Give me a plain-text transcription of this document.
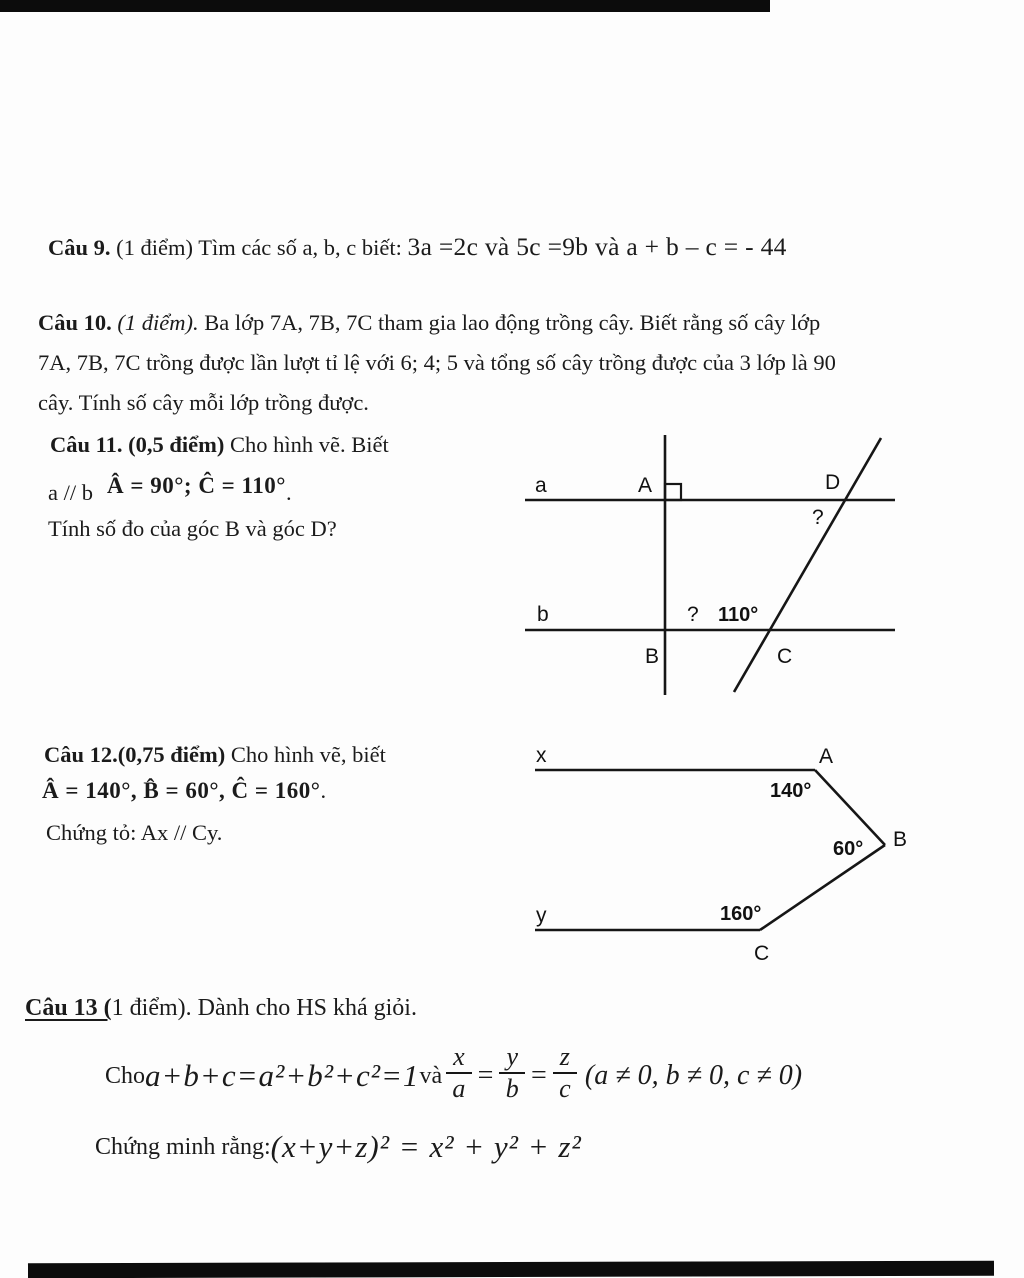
Câu 9. (1 điểm) Tìm các số a, b, c biết: 3a =2c và 5c =9b và a + b – c = - 44
Câu 10. (1 điểm). Ba lớp 7A, 7B, 7C tham gia lao động trồng cây. Biết rằng số cây lớp
7A, 7B, 7C trồng được lần lượt tỉ lệ với 6; 4; 5 và tổng số cây trồng được của 3 lớp là 90
cây. Tính số cây mỗi lớp trồng được.
Câu 11. (0,5 điểm) Cho hình vẽ. Biết
a // b Â = 90°; Ĉ = 110°.
Tính số đo của góc B và góc D?
a	A	D
?
b	? 110°
B	C
Câu 12.(0,75 điểm) Cho hình vẽ, biết
Â = 140°, B̂ = 60°, Ĉ = 160°.
Chứng tỏ: Ax // Cy.
x	A
140°
B
60°
y	160°
C
Câu 13 (1 điểm). Dành cho HS khá giỏi.
Cho a+b+c=a²+b²+c²=1 và $\frac{x}{a} = \frac{y}{b} = \frac{z}{c} (a \ne 0$, b ≠ 0, c ≠ 0)
Chứng minh rằng: (x+y+z)² = x² + y² + z²
